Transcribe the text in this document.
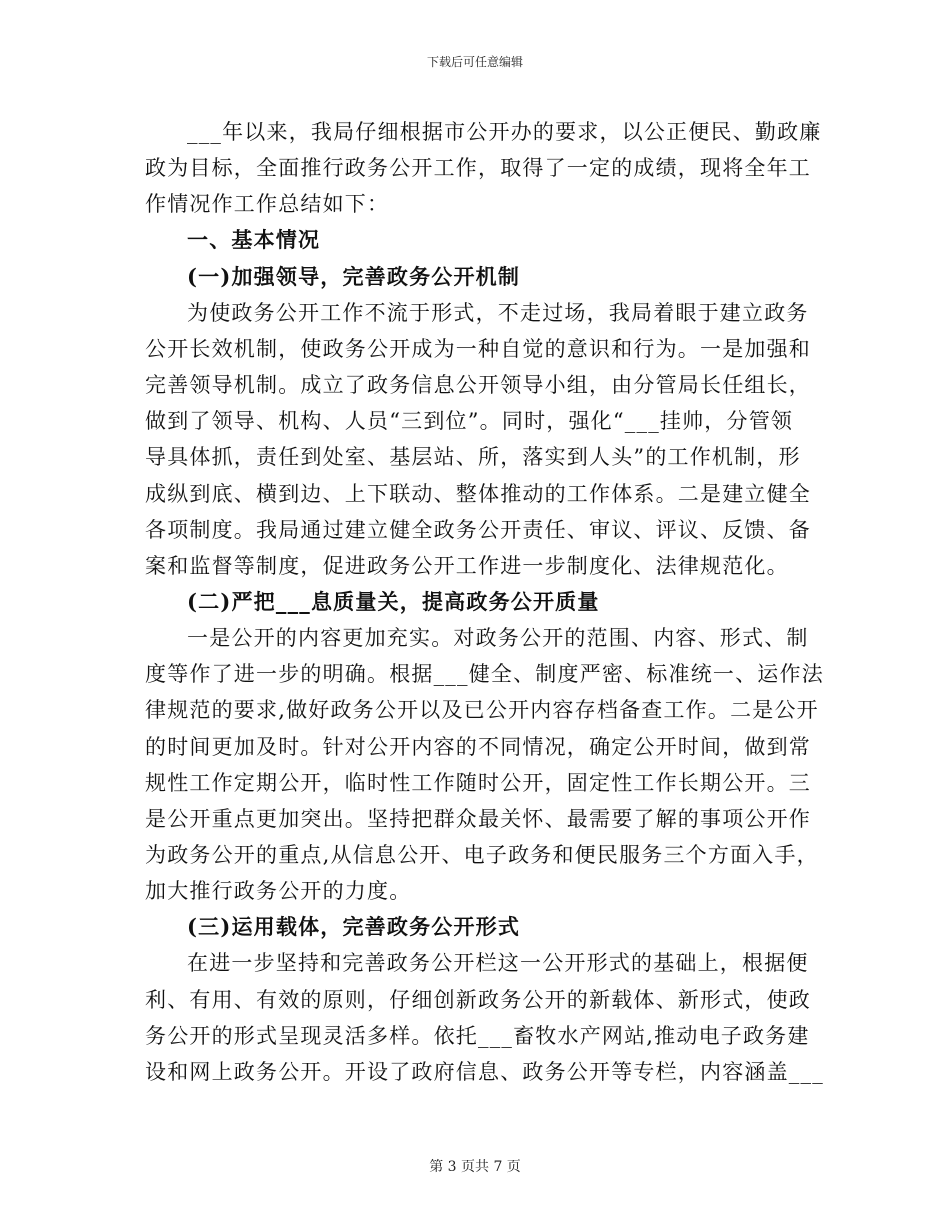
下载后可任意编辑
___年以来，我局仔细根据市公开办的要求，以公正便民、勤政廉
政为目标，全面推行政务公开工作，取得了一定的成绩，现将全年工
作情况作工作总结如下：
一、基本情况
(一)加强领导，完善政务公开机制
为使政务公开工作不流于形式，不走过场，我局着眼于建立政务
公开长效机制，使政务公开成为一种自觉的意识和行为。一是加强和
完善领导机制。成立了政务信息公开领导小组，由分管局长任组长，
做到了领导、机构、人员“三到位”。同时，强化“___挂帅，分管领
导具体抓，责任到处室、基层站、所，落实到人头”的工作机制，形
成纵到底、横到边、上下联动、整体推动的工作体系。二是建立健全
各项制度。我局通过建立健全政务公开责任、审议、评议、反馈、备
案和监督等制度，促进政务公开工作进一步制度化、法律规范化。
(二)严把___息质量关，提高政务公开质量
一是公开的内容更加充实。对政务公开的范围、内容、形式、制
度等作了进一步的明确。根据___健全、制度严密、标准统一、运作法
律规范的要求,做好政务公开以及已公开内容存档备查工作。二是公开
的时间更加及时。针对公开内容的不同情况，确定公开时间，做到常
规性工作定期公开，临时性工作随时公开，固定性工作长期公开。三
是公开重点更加突出。坚持把群众最关怀、最需要了解的事项公开作
为政务公开的重点,从信息公开、电子政务和便民服务三个方面入手，
加大推行政务公开的力度。
(三)运用载体，完善政务公开形式
在进一步坚持和完善政务公开栏这一公开形式的基础上，根据便
利、有用、有效的原则，仔细创新政务公开的新载体、新形式，使政
务公开的形式呈现灵活多样。依托___畜牧水产网站,推动电子政务建
设和网上政务公开。开设了政府信息、政务公开等专栏，内容涵盖___
第 3 页共 7 页
